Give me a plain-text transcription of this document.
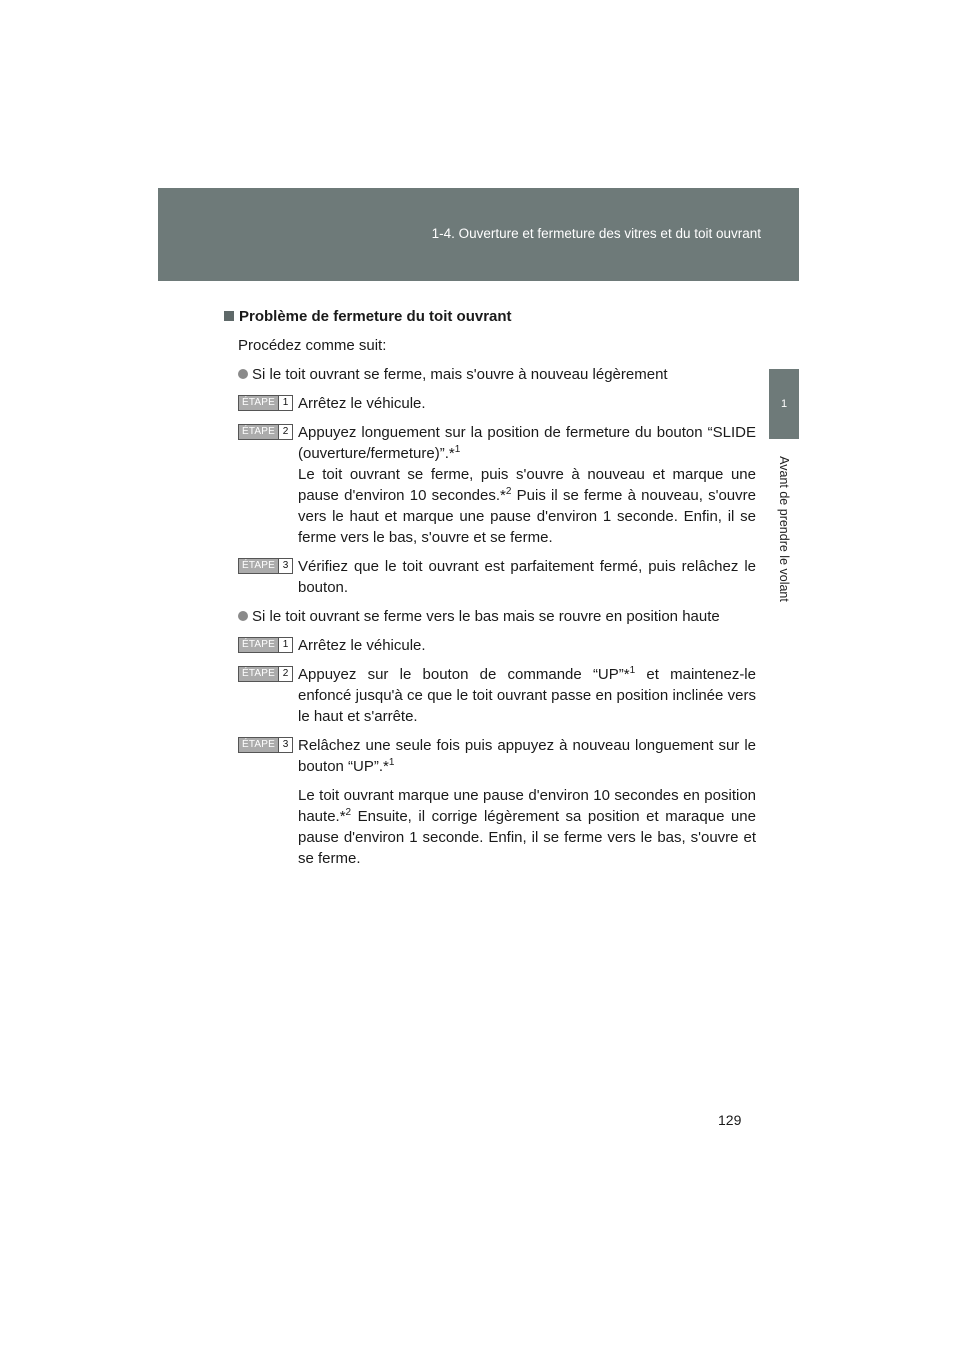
1-4. Ouverture et fermeture des vitres et du toit ouvrant
1
Avant de prendre le volant
Problème de fermeture du toit ouvrant
Procédez comme suit:
Si le toit ouvrant se ferme, mais s'ouvre à nouveau légèrement
ÉTAPE 1 Arrêtez le véhicule.
ÉTAPE 2 Appuyez longuement sur la position de fermeture du bouton “SLIDE (ouverture/fermeture)”.*$^1$
Le toit ouvrant se ferme, puis s'ouvre à nouveau et marque une pause d'environ 10 secondes.*$^2$ Puis il se ferme à nouveau, s'ouvre vers le haut et marque une pause d'environ 1 seconde. Enfin, il se ferme vers le bas, s'ouvre et se ferme.
ÉTAPE 3 Vérifiez que le toit ouvrant est parfaitement fermé, puis relâchez le bouton.
Si le toit ouvrant se ferme vers le bas mais se rouvre en position haute
ÉTAPE 1 Arrêtez le véhicule.
ÉTAPE 2 Appuyez sur le bouton de commande “UP”*$^1$ et maintenez-le enfoncé jusqu'à ce que le toit ouvrant passe en position inclinée vers le haut et s'arrête.
ÉTAPE 3 Relâchez une seule fois puis appuyez à nouveau longuement sur le bouton “UP”.*$^1$
Le toit ouvrant marque une pause d'environ 10 secondes en position haute.*$^2$ Ensuite, il corrige légèrement sa position et maraque une pause d'environ 1 seconde. Enfin, il se ferme vers le bas, s'ouvre et se ferme.
129
